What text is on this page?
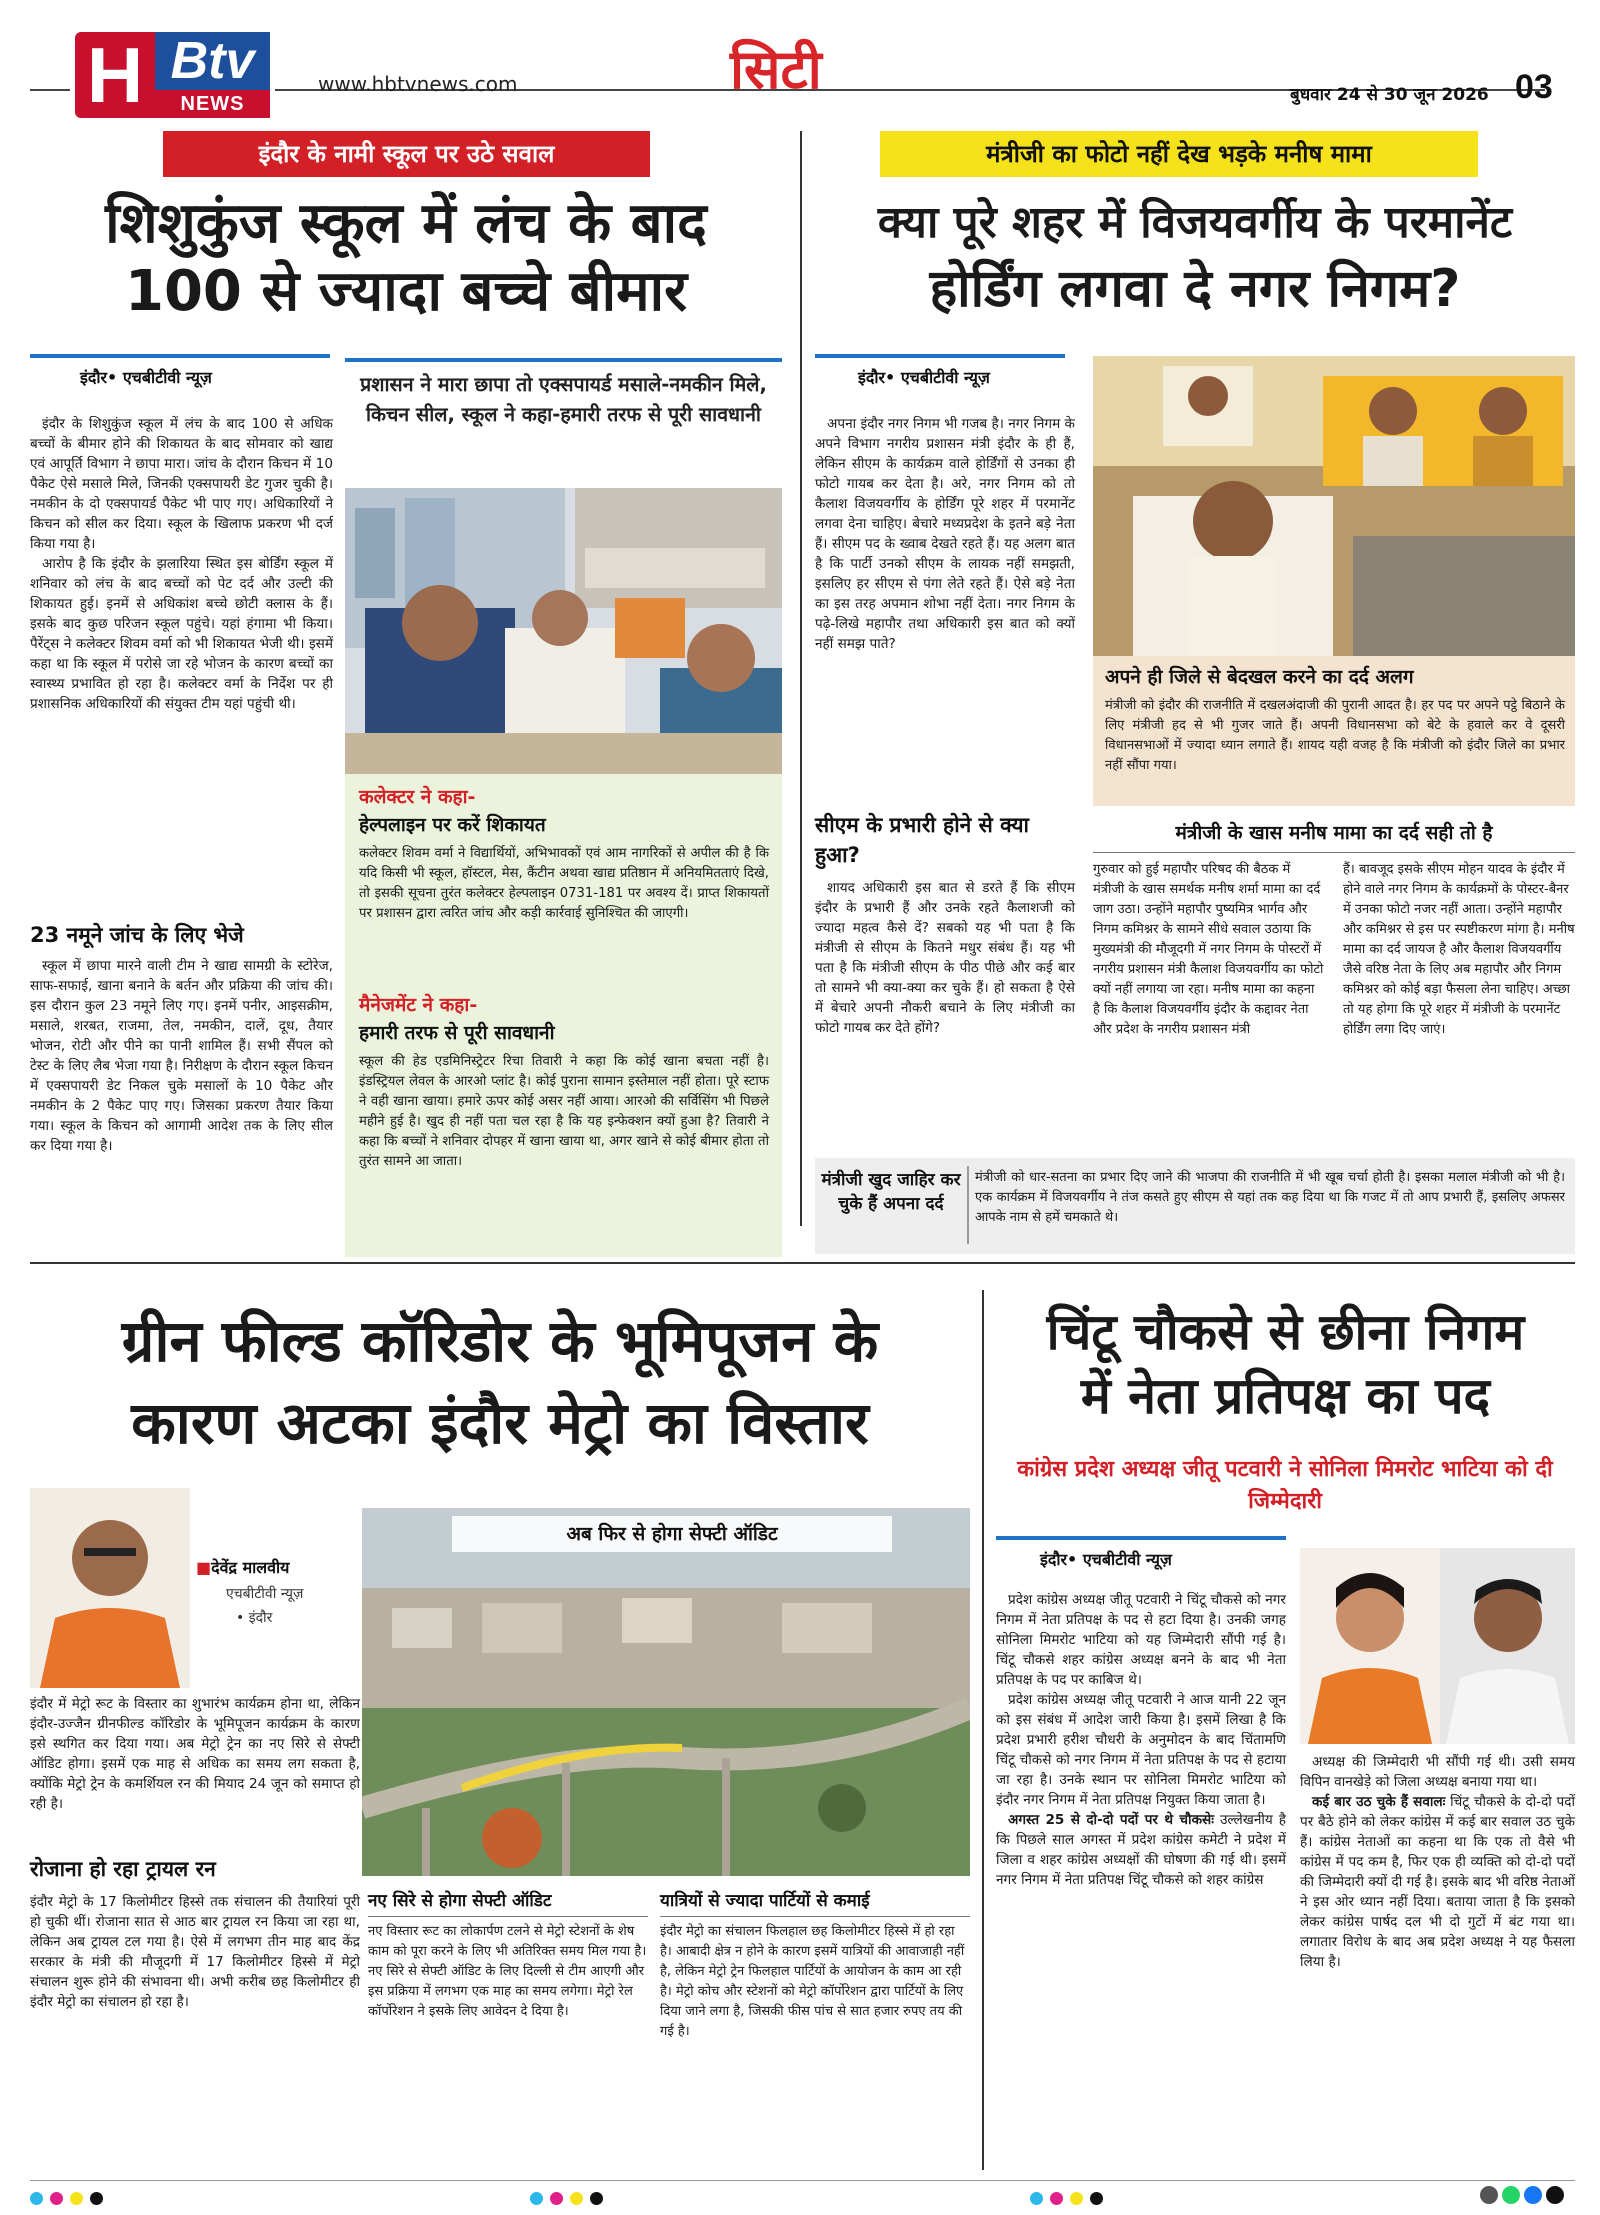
H Btv
NEWS
www.hbtvnews.com	सिटी	बुधवार 24 से 30 जून 2026 03
इंदौर के नामी स्कूल पर उठे सवाल
शिशुकुंज स्कूल में लंच के बाद
100 से ज्यादा बच्चे बीमार
इंदौर• एचबीटीवी न्यूज़

इंदौर के शिशुकुंज स्कूल में लंच के बाद 100 से अधिक बच्चों के बीमार होने की शिकायत के बाद सोमवार को खाद्य एवं आपूर्ति विभाग ने छापा मारा। जांच के दौरान किचन में 10 पैकेट ऐसे मसाले मिले, जिनकी एक्सपायरी डेट गुजर चुकी है। नमकीन के दो एक्सपायर्ड पैकेट भी पाए गए। अधिकारियों ने किचन को सील कर दिया। स्कूल के खिलाफ प्रकरण भी दर्ज किया गया है।

आरोप है कि इंदौर के झलारिया स्थित इस बोर्डिंग स्कूल में शनिवार को लंच के बाद बच्चों को पेट दर्द और उल्टी की शिकायत हुई। इनमें से अधिकांश बच्चे छोटी क्लास के हैं। इसके बाद कुछ परिजन स्कूल पहुंचे। यहां हंगामा भी किया। पैरेंट्स ने कलेक्टर शिवम वर्मा को भी शिकायत भेजी थी। इसमें कहा था कि स्कूल में परोसे जा रहे भोजन के कारण बच्चों का स्वास्थ्य प्रभावित हो रहा है। कलेक्टर वर्मा के निर्देश पर ही प्रशासनिक अधिकारियों की संयुक्त टीम यहां पहुंची थी।

23 नमूने जांच के लिए भेजे

स्कूल में छापा मारने वाली टीम ने खाद्य सामग्री के स्टोरेज, साफ-सफाई, खाना बनाने के बर्तन और प्रक्रिया की जांच की। इस दौरान कुल 23 नमूने लिए गए। इनमें पनीर, आइसक्रीम, मसाले, शरबत, राजमा, तेल, नमकीन, दालें, दूध, तैयार भोजन, रोटी और पीने का पानी शामिल हैं। सभी सैंपल को टेस्ट के लिए लैब भेजा गया है। निरीक्षण के दौरान स्कूल किचन में एक्सपायरी डेट निकल चुके मसालों के 10 पैकेट और नमकीन के 2 पैकेट पाए गए। जिसका प्रकरण तैयार किया गया। स्कूल के किचन को आगामी आदेश तक के लिए सील कर दिया गया है।

प्रशासन ने मारा छापा तो एक्सपायर्ड मसाले-नमकीन मिले, किचन सील, स्कूल ने कहा-हमारी तरफ से पूरी सावधानी
कलेक्टर ने कहा-
हेल्पलाइन पर करें शिकायत
कलेक्टर शिवम वर्मा ने विद्यार्थियों, अभिभावकों एवं आम नागरिकों से अपील की है कि यदि किसी भी स्कूल, हॉस्टल, मेस, कैंटीन अथवा खाद्य प्रतिष्ठान में अनियमितताएं दिखे, तो इसकी सूचना तुरंत कलेक्टर हेल्पलाइन 0731-181 पर अवश्य दें। प्राप्त शिकायतों पर प्रशासन द्वारा त्वरित जांच और कड़ी कार्रवाई सुनिश्चित की जाएगी।
मैनेजमेंट ने कहा-
हमारी तरफ से पूरी सावधानी
स्कूल की हेड एडमिनिस्ट्रेटर रिचा तिवारी ने कहा कि कोई खाना बचता नहीं है। इंडस्ट्रियल लेवल के आरओ प्लांट है। कोई पुराना सामान इस्तेमाल नहीं होता। पूरे स्टाफ ने वही खाना खाया। हमारे ऊपर कोई असर नहीं आया। आरओ की सर्विसिंग भी पिछले महीने हुई है। खुद ही नहीं पता चल रहा है कि यह इन्फेक्शन क्यों हुआ है? तिवारी ने कहा कि बच्चों ने शनिवार दोपहर में खाना खाया था, अगर खाने से कोई बीमार होता तो तुरंत सामने आ जाता।
मंत्रीजी का फोटो नहीं देख भड़के मनीष मामा
क्या पूरे शहर में विजयवर्गीय के परमानेंट
होर्डिंग लगवा दे नगर निगम?
इंदौर• एचबीटीवी न्यूज़

अपना इंदौर नगर निगम भी गजब है। नगर निगम के अपने विभाग नगरीय प्रशासन मंत्री इंदौर के ही हैं, लेकिन सीएम के कार्यक्रम वाले होर्डिंगों से उनका ही फोटो गायब कर देता है। अरे, नगर निगम को तो कैलाश विजयवर्गीय के होर्डिंग पूरे शहर में परमानेंट लगवा देना चाहिए। बेचारे मध्यप्रदेश के इतने बड़े नेता हैं। सीएम पद के ख्वाब देखते रहते हैं। यह अलग बात है कि पार्टी उनको सीएम के लायक नहीं समझती, इसलिए हर सीएम से पंगा लेते रहते हैं। ऐसे बड़े नेता का इस तरह अपमान शोभा नहीं देता। नगर निगम के पढ़े-लिखे महापौर तथा अधिकारी इस बात को क्यों नहीं समझ पाते?

सीएम के प्रभारी होने से क्या हुआ?

शायद अधिकारी इस बात से डरते हैं कि सीएम इंदौर के प्रभारी हैं और उनके रहते कैलाशजी को ज्यादा महत्व कैसे दें? सबको यह भी पता है कि मंत्रीजी से सीएम के कितने मधुर संबंध हैं। यह भी पता है कि मंत्रीजी सीएम के पीठ पीछे और कई बार तो सामने भी क्या-क्या कर चुके हैं। हो सकता है ऐसे में बेचारे अपनी नौकरी बचाने के लिए मंत्रीजी का फोटो गायब कर देते होंगे?

अपने ही जिले से बेदखल करने का दर्द अलग
मंत्रीजी को इंदौर की राजनीति में दखलअंदाजी की पुरानी आदत है। हर पद पर अपने पट्ठे बिठाने के लिए मंत्रीजी हद से भी गुजर जाते हैं। अपनी विधानसभा को बेटे के हवाले कर वे दूसरी विधानसभाओं में ज्यादा ध्यान लगाते हैं। शायद यही वजह है कि मंत्रीजी को इंदौर जिले का प्रभार नहीं सौंपा गया।
मंत्रीजी के खास मनीष मामा का दर्द सही तो है
गुरुवार को हुई महापौर परिषद की बैठक में मंत्रीजी के खास समर्थक मनीष शर्मा मामा का दर्द जाग उठा। उन्होंने महापौर पुष्यमित्र भार्गव और निगम कमिश्नर के सामने सीधे सवाल उठाया कि मुख्यमंत्री की मौजूदगी में नगर निगम के पोस्टरों में नगरीय प्रशासन मंत्री कैलाश विजयवर्गीय का फोटो क्यों नहीं लगाया जा रहा। मनीष मामा का कहना है कि कैलाश विजयवर्गीय इंदौर के कद्दावर नेता और प्रदेश के नगरीय प्रशासन मंत्री
हैं। बावजूद इसके सीएम मोहन यादव के इंदौर में होने वाले नगर निगम के कार्यक्रमों के पोस्टर-बैनर में उनका फोटो नजर नहीं आता। उन्होंने महापौर और कमिश्नर से इस पर स्पष्टीकरण मांगा है। मनीष मामा का दर्द जायज है और कैलाश विजयवर्गीय जैसे वरिष्ठ नेता के लिए अब महापौर और निगम कमिश्नर को कोई बड़ा फैसला लेना चाहिए। अच्छा तो यह होगा कि पूरे शहर में मंत्रीजी के परमानेंट होर्डिंग लगा दिए जाएं।
मंत्रीजी खुद जाहिर कर चुके हैं अपना दर्द
मंत्रीजी को धार-सतना का प्रभार दिए जाने की भाजपा की राजनीति में भी खूब चर्चा होती है। इसका मलाल मंत्रीजी को भी है। एक कार्यक्रम में विजयवर्गीय ने तंज कसते हुए सीएम से यहां तक कह दिया था कि गजट में तो आप प्रभारी हैं, इसलिए अफसर आपके नाम से हमें चमकाते थे।
ग्रीन फील्ड कॉरिडोर के भूमिपूजन के
कारण अटका इंदौर मेट्रो का विस्तार
■देवेंद्र मालवीय
एचबीटीवी न्यूज़
• इंदौर
इंदौर में मेट्रो रूट के विस्तार का शुभारंभ कार्यक्रम होना था, लेकिन इंदौर-उज्जैन ग्रीनफील्ड कॉरिडोर के भूमिपूजन कार्यक्रम के कारण इसे स्थगित कर दिया गया। अब मेट्रो ट्रेन का नए सिरे से सेफ्टी ऑडिट होगा। इसमें एक माह से अधिक का समय लग सकता है, क्योंकि मेट्रो ट्रेन के कमर्शियल रन की मियाद 24 जून को समाप्त हो रही है।
रोजाना हो रहा ट्रायल रन
इंदौर मेट्रो के 17 किलोमीटर हिस्से तक संचालन की तैयारियां पूरी हो चुकी थीं। रोजाना सात से आठ बार ट्रायल रन किया जा रहा था, लेकिन अब ट्रायल टल गया है। ऐसे में लगभग तीन माह बाद केंद्र सरकार के मंत्री की मौजूदगी में 17 किलोमीटर हिस्से में मेट्रो संचालन शुरू होने की संभावना थी। अभी करीब छह किलोमीटर ही इंदौर मेट्रो का संचालन हो रहा है।
अब फिर से होगा सेफ्टी ऑडिट
नए सिरे से होगा सेफ्टी ऑडिट
नए विस्तार रूट का लोकार्पण टलने से मेट्रो स्टेशनों के शेष काम को पूरा करने के लिए भी अतिरिक्त समय मिल गया है। नए सिरे से सेफ्टी ऑडिट के लिए दिल्ली से टीम आएगी और इस प्रक्रिया में लगभग एक माह का समय लगेगा। मेट्रो रेल कॉर्पोरेशन ने इसके लिए आवेदन दे दिया है।
यात्रियों से ज्यादा पार्टियों से कमाई
इंदौर मेट्रो का संचालन फिलहाल छह किलोमीटर हिस्से में हो रहा है। आबादी क्षेत्र न होने के कारण इसमें यात्रियों की आवाजाही नहीं है, लेकिन मेट्रो ट्रेन फिलहाल पार्टियों के आयोजन के काम आ रही है। मेट्रो कोच और स्टेशनों को मेट्रो कॉर्पोरेशन द्वारा पार्टियों के लिए दिया जाने लगा है, जिसकी फीस पांच से सात हजार रुपए तय की गई है।
चिंटू चौकसे से छीना निगम
में नेता प्रतिपक्ष का पद
कांग्रेस प्रदेश अध्यक्ष जीतू पटवारी ने सोनिला मिमरोट भाटिया को दी जिम्मेदारी
इंदौर• एचबीटीवी न्यूज़

प्रदेश कांग्रेस अध्यक्ष जीतू पटवारी ने चिंटू चौकसे को नगर निगम में नेता प्रतिपक्ष के पद से हटा दिया है। उनकी जगह सोनिला मिमरोट भाटिया को यह जिम्मेदारी सौंपी गई है। चिंटू चौकसे शहर कांग्रेस अध्यक्ष बनने के बाद भी नेता प्रतिपक्ष के पद पर काबिज थे।

प्रदेश कांग्रेस अध्यक्ष जीतू पटवारी ने आज यानी 22 जून को इस संबंध में आदेश जारी किया है। इसमें लिखा है कि प्रदेश प्रभारी हरीश चौधरी के अनुमोदन के बाद चिंतामणि चिंटू चौकसे को नगर निगम में नेता प्रतिपक्ष के पद से हटाया जा रहा है। उनके स्थान पर सोनिला मिमरोट भाटिया को इंदौर नगर निगम में नेता प्रतिपक्ष नियुक्त किया जाता है।

अगस्त 25 से दो-दो पदों पर थे चौकसेः उल्लेखनीय है कि पिछले साल अगस्त में प्रदेश कांग्रेस कमेटी ने प्रदेश में जिला व शहर कांग्रेस अध्यक्षों की घोषणा की गई थी। इसमें नगर निगम में नेता प्रतिपक्ष चिंटू चौकसे को शहर कांग्रेस

अध्यक्ष की जिम्मेदारी भी सौंपी गई थी। उसी समय विपिन वानखेड़े को जिला अध्यक्ष बनाया गया था।

कई बार उठ चुके हैं सवालः चिंटू चौकसे के दो-दो पदों पर बैठे होने को लेकर कांग्रेस में कई बार सवाल उठ चुके हैं। कांग्रेस नेताओं का कहना था कि एक तो वैसे भी कांग्रेस में पद कम है, फिर एक ही व्यक्ति को दो-दो पदों की जिम्मेदारी क्यों दी गई है। इसके बाद भी वरिष्ठ नेताओं ने इस ओर ध्यान नहीं दिया। बताया जाता है कि इसको लेकर कांग्रेस पार्षद दल भी दो गुटों में बंट गया था। लगातार विरोध के बाद अब प्रदेश अध्यक्ष ने यह फैसला लिया है।
